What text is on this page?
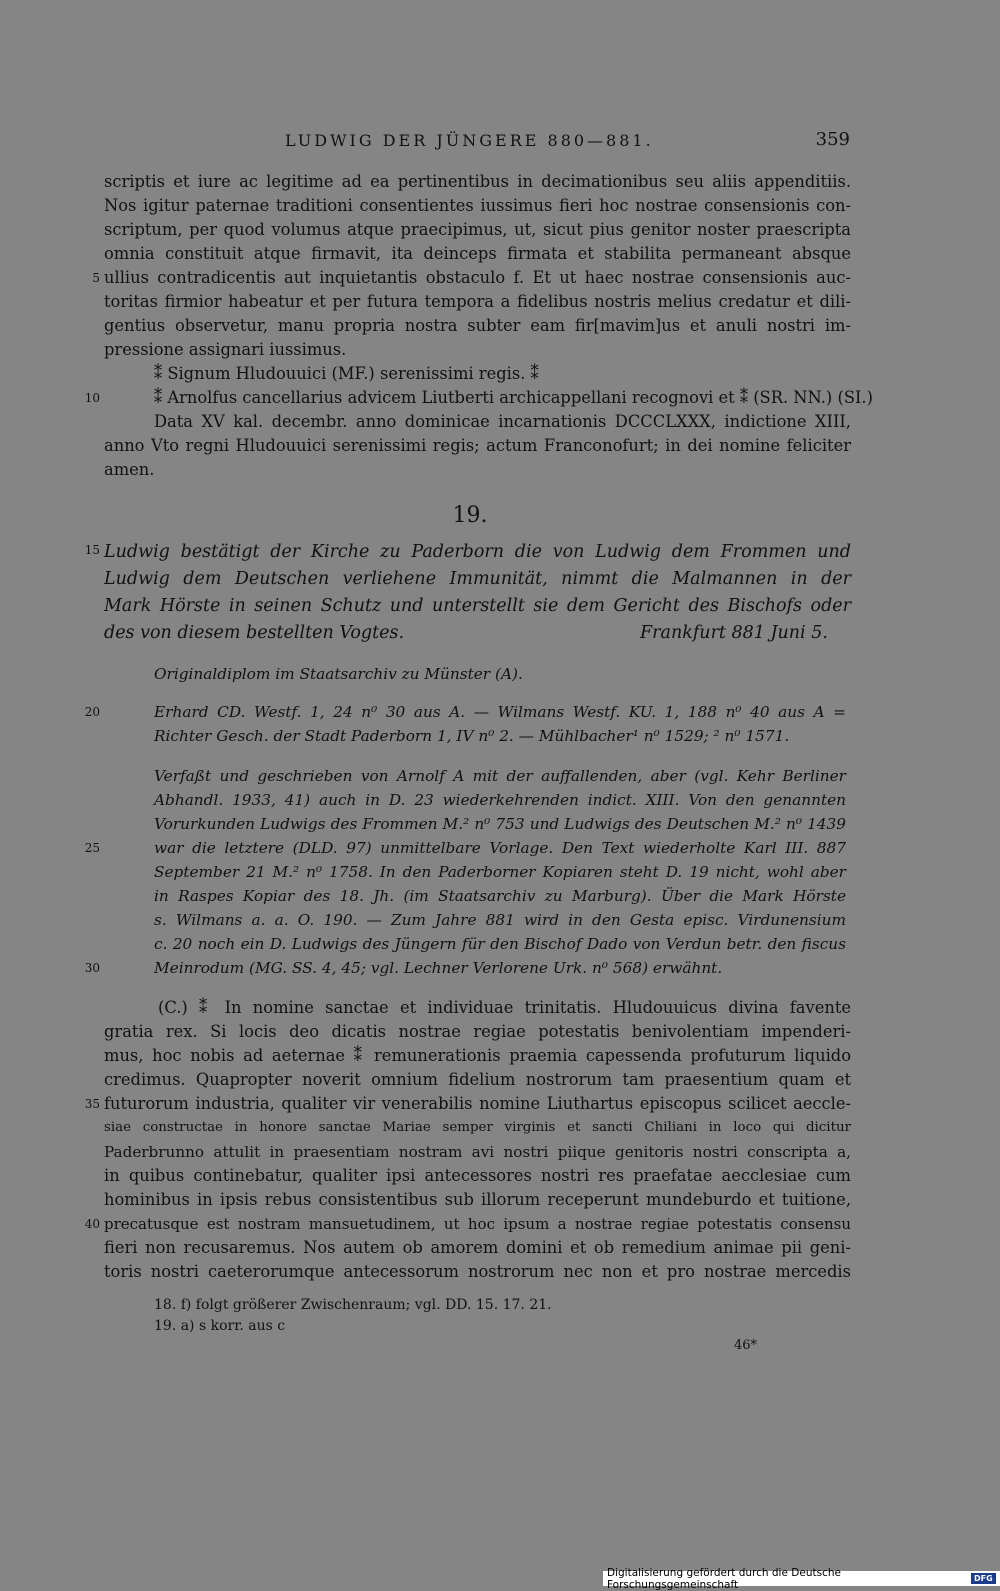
LUDWIG DER JÜNGERE 880—881.	359
scriptis et iure ac legitime ad ea pertinentibus in decimationibus seu aliis appenditiis.
Nos igitur paternae traditioni consentientes iussimus fieri hoc nostrae consensionis con-
scriptum, per quod volumus atque praecipimus, ut, sicut pius genitor noster praescripta
omnia constituit atque firmavit, ita deinceps firmata et stabilita permaneant absque
ullius contradicentis aut inquietantis obstaculo f. Et ut haec nostrae consensionis auc-
toritas firmior habeatur et per futura tempora a fidelibus nostris melius credatur et dili-
gentius observetur, manu propria nostra subter eam fir[mavim]us et anuli nostri im-
pressione assignari iussimus.
⁑ Signum Hludouuici (MF.) serenissimi regis. ⁑
⁑ Arnolfus cancellarius advicem Liutberti archicappellani recognovi et ⁑ (SR. NN.) (SI.)
Data XV kal. decembr. anno dominicae incarnationis DCCCLXXX, indictione XIII,
anno Vto regni Hludouuici serenissimi regis; actum Franconofurt; in dei nomine feliciter
amen.
19.
Ludwig bestätigt der Kirche zu Paderborn die von Ludwig dem Frommen und
Ludwig dem Deutschen verliehene Immunität, nimmt die Malmannen in der
Mark Hörste in seinen Schutz und unterstellt sie dem Gericht des Bischofs oder
des von diesem bestellten Vogtes.	Frankfurt 881 Juni 5.
Originaldiplom im Staatsarchiv zu Münster (A).
Erhard CD. Westf. 1, 24 n⁰ 30 aus A. — Wilmans Westf. KU. 1, 188 n⁰ 40 aus A =
Richter Gesch. der Stadt Paderborn 1, IV n⁰ 2. — Mühlbacher¹ n⁰ 1529; ² n⁰ 1571.
Verfaßt und geschrieben von Arnolf A mit der auffallenden, aber (vgl. Kehr Berliner
Abhandl. 1933, 41) auch in D. 23 wiederkehrenden indict. XIII. Von den genannten
Vorurkunden Ludwigs des Frommen M.² n⁰ 753 und Ludwigs des Deutschen M.² n⁰ 1439
war die letztere (DLD. 97) unmittelbare Vorlage. Den Text wiederholte Karl III. 887
September 21 M.² n⁰ 1758. In den Paderborner Kopiaren steht D. 19 nicht, wohl aber
in Raspes Kopiar des 18. Jh. (im Staatsarchiv zu Marburg). Über die Mark Hörste
s. Wilmans a. a. O. 190. — Zum Jahre 881 wird in den Gesta episc. Virdunensium
c. 20 noch ein D. Ludwigs des Jüngern für den Bischof Dado von Verdun betr. den fiscus
Meinrodum (MG. SS. 4, 45; vgl. Lechner Verlorene Urk. n⁰ 568) erwähnt.
(C.) ⁑ In nomine sanctae et individuae trinitatis. Hludouuicus divina favente
gratia rex. Si locis deo dicatis nostrae regiae potestatis benivolentiam impenderi-
mus, hoc nobis ad aeternae ⁑ remunerationis praemia capessenda profuturum liquido
credimus. Quapropter noverit omnium fidelium nostrorum tam praesentium quam et
futurorum industria, qualiter vir venerabilis nomine Liuthartus episcopus scilicet aeccle-
siae constructae in honore sanctae Mariae semper virginis et sancti Chiliani in loco qui dicitur
Paderbrunno attulit in praesentiam nostram avi nostri piique genitoris nostri conscripta a,
in quibus continebatur, qualiter ipsi antecessores nostri res praefatae aecclesiae cum
hominibus in ipsis rebus consistentibus sub illorum receperunt mundeburdo et tuitione,
precatusque est nostram mansuetudinem, ut hoc ipsum a nostrae regiae potestatis consensu
fieri non recusaremus. Nos autem ob amorem domini et ob remedium animae pii geni-
toris nostri caeterorumque antecessorum nostrorum nec non et pro nostrae mercedis
18. f) folgt größerer Zwischenraum; vgl. DD. 15. 17. 21.
19. a) s korr. aus c
46*
5
10
15
20
25
30
35
40
Digitalisierung gefördert durch die Deutsche Forschungsgemeinschaft	DFG
